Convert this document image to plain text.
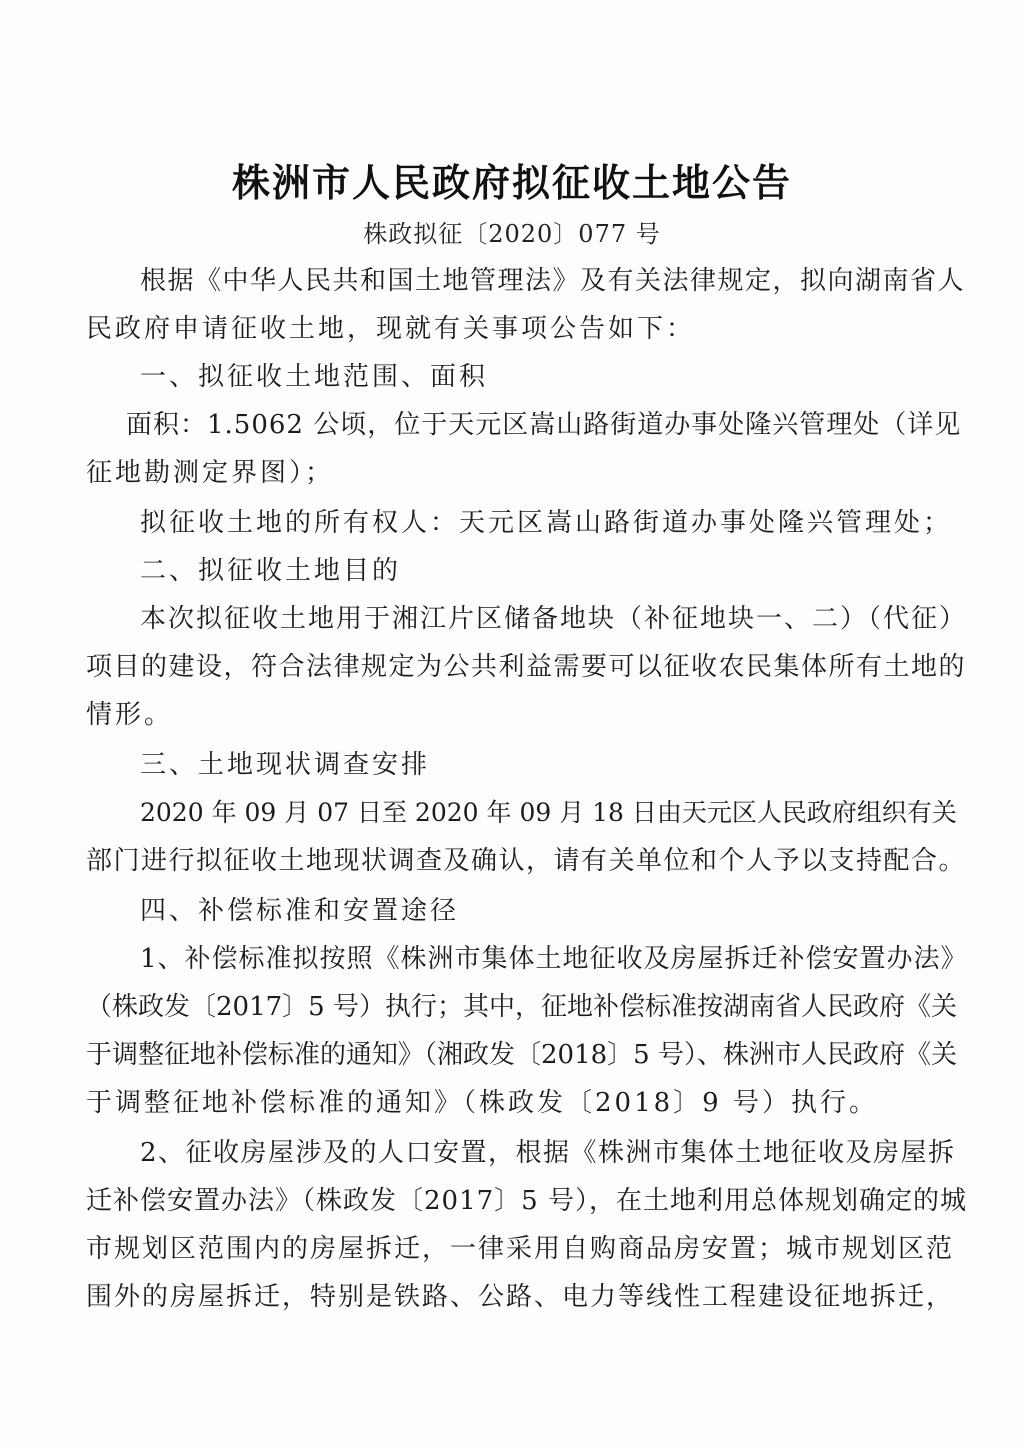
株洲市人民政府拟征收土地公告
株政拟征〔2020〕077 号
根据《中华人民共和国土地管理法》及有关法律规定，拟向湖南省人
民政府申请征收土地，现就有关事项公告如下：
一、拟征收土地范围、面积
面积：1.5062 公顷，位于天元区嵩山路街道办事处隆兴管理处（详见
征地勘测定界图）；
拟征收土地的所有权人：天元区嵩山路街道办事处隆兴管理处；
二、拟征收土地目的
本次拟征收土地用于湘江片区储备地块（补征地块一、二）（代征）
项目的建设，符合法律规定为公共利益需要可以征收农民集体所有土地的
情形。
三、土地现状调查安排
2020 年 09 月 07 日至 2020 年 09 月 18 日由天元区人民政府组织有关
部门进行拟征收土地现状调查及确认，请有关单位和个人予以支持配合。
四、补偿标准和安置途径
1、补偿标准拟按照《株洲市集体土地征收及房屋拆迁补偿安置办法》
（株政发〔2017〕5 号）执行；其中，征地补偿标准按湖南省人民政府《关
于调整征地补偿标准的通知》（湘政发〔2018〕5 号）、株洲市人民政府《关
于调整征地补偿标准的通知》（株政发〔2018〕9 号）执行。
2、征收房屋涉及的人口安置，根据《株洲市集体土地征收及房屋拆
迁补偿安置办法》（株政发〔2017〕5 号），在土地利用总体规划确定的城
市规划区范围内的房屋拆迁，一律采用自购商品房安置；城市规划区范
围外的房屋拆迁，特别是铁路、公路、电力等线性工程建设征地拆迁，
